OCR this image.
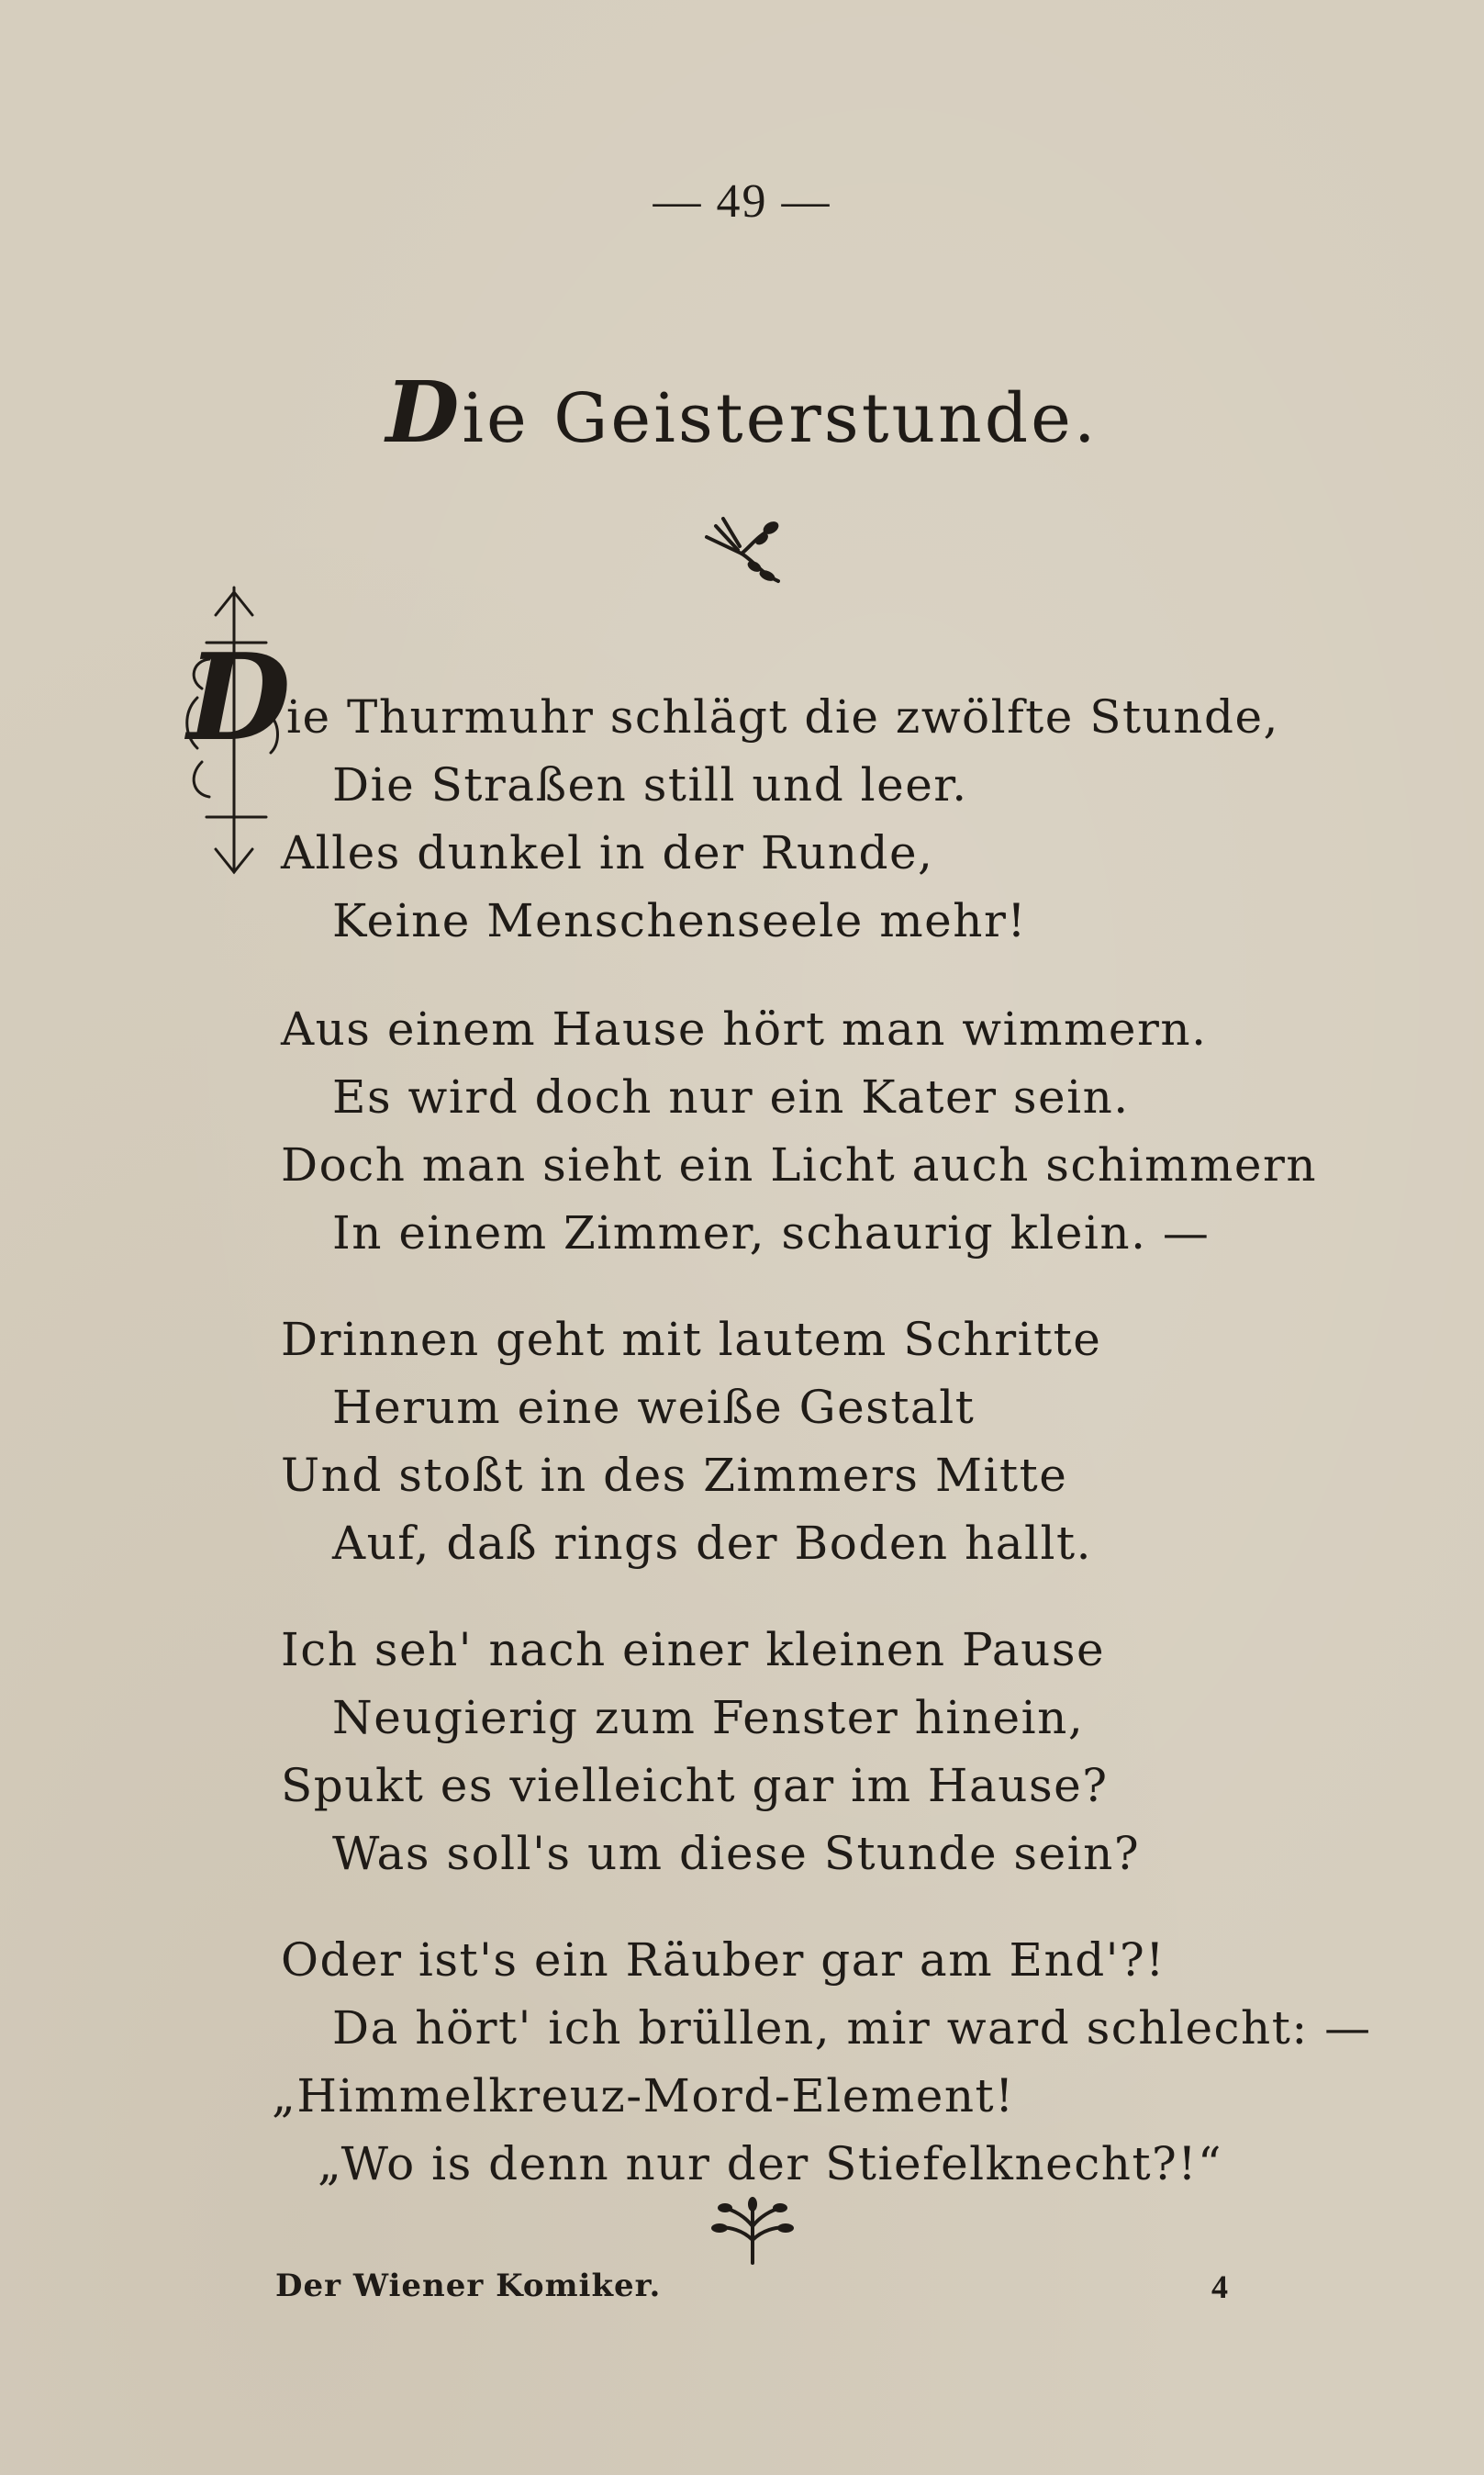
— 49 —
Die Geisterstunde.
D
ie Thurmuhr schlägt die zwölfte Stunde,
Die Straßen still und leer.
Alles dunkel in der Runde,
Keine Menschenseele mehr!
Aus einem Hause hört man wimmern.
Es wird doch nur ein Kater sein.
Doch man sieht ein Licht auch schimmern
In einem Zimmer, schaurig klein. —
Drinnen geht mit lautem Schritte
Herum eine weiße Gestalt
Und stoßt in des Zimmers Mitte
Auf, daß rings der Boden hallt.
Ich seh' nach einer kleinen Pause
Neugierig zum Fenster hinein,
Spukt es vielleicht gar im Hause?
Was soll's um diese Stunde sein?
Oder ist's ein Räuber gar am End'?!
Da hört' ich brüllen, mir ward schlecht: —
„Himmelkreuz-Mord-Element!
„Wo is denn nur der Stiefelknecht?!“
Der Wiener Komiker.	4
